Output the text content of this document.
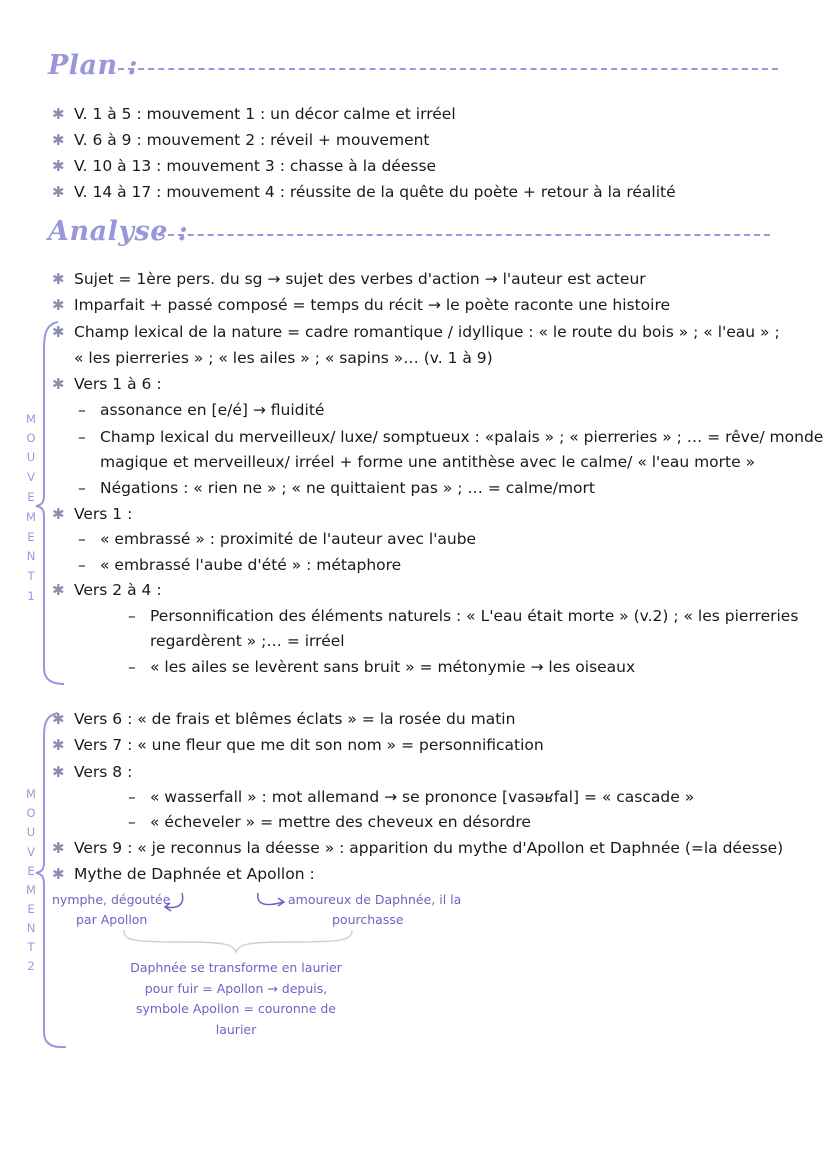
Plan :
✱ V. 1 à 5 : mouvement 1 : un décor calme et irréel
✱ V. 6 à 9 : mouvement 2 : réveil + mouvement
✱ V. 10 à 13 : mouvement 3 : chasse à la déesse
✱ V. 14 à 17 : mouvement 4 : réussite de la quête du poète + retour à la réalité
Analyse :
✱ Sujet = 1ère pers. du sg → sujet des verbes d'action → l'auteur est acteur
✱ Imparfait + passé composé = temps du récit → le poète raconte une histoire
M
O
U
V
E
M
E
N
T
1
✱ Champ lexical de la nature = cadre romantique / idyllique : « le route du bois » ; « l'eau » ;
« les pierreries » ; « les ailes » ; « sapins »… (v. 1 à 9)
✱ Vers 1 à 6 :
– assonance en [e/é] → fluidité
– Champ lexical du merveilleux/ luxe/ somptueux : «palais » ; « pierreries » ; … = rêve/ monde
magique et merveilleux/ irréel + forme une antithèse avec le calme/ « l'eau morte »
– Négations : « rien ne » ; « ne quittaient pas » ; … = calme/mort
✱ Vers 1 :
– « embrassé » : proximité de l'auteur avec l'aube
– « embrassé l'aube d'été » : métaphore
✱ Vers 2 à 4 :
– Personnification des éléments naturels : « L'eau était morte » (v.2) ; « les pierreries
regardèrent » ;… = irréel
– « les ailes se levèrent sans bruit » = métonymie → les oiseaux
M
O
U
V
E
M
E
N
T
2
✱ Vers 6 : « de frais et blêmes éclats » = la rosée du matin
✱ Vers 7 : « une fleur que me dit son nom » = personnification
✱ Vers 8 :
– « wasserfall » : mot allemand → se prononce [vasəʁfal] = « cascade »
– « écheveler » = mettre des cheveux en désordre
✱ Vers 9 : « je reconnus la déesse » : apparition du mythe d'Apollon et Daphnée (=la déesse)
✱ Mythe de Daphnée et Apollon :
nymphe, dégoutée
par Apollon
amoureux de Daphnée, il la
pourchasse
Daphnée se transforme en laurier
pour fuir = Apollon → depuis,
symbole Apollon = couronne de
laurier
